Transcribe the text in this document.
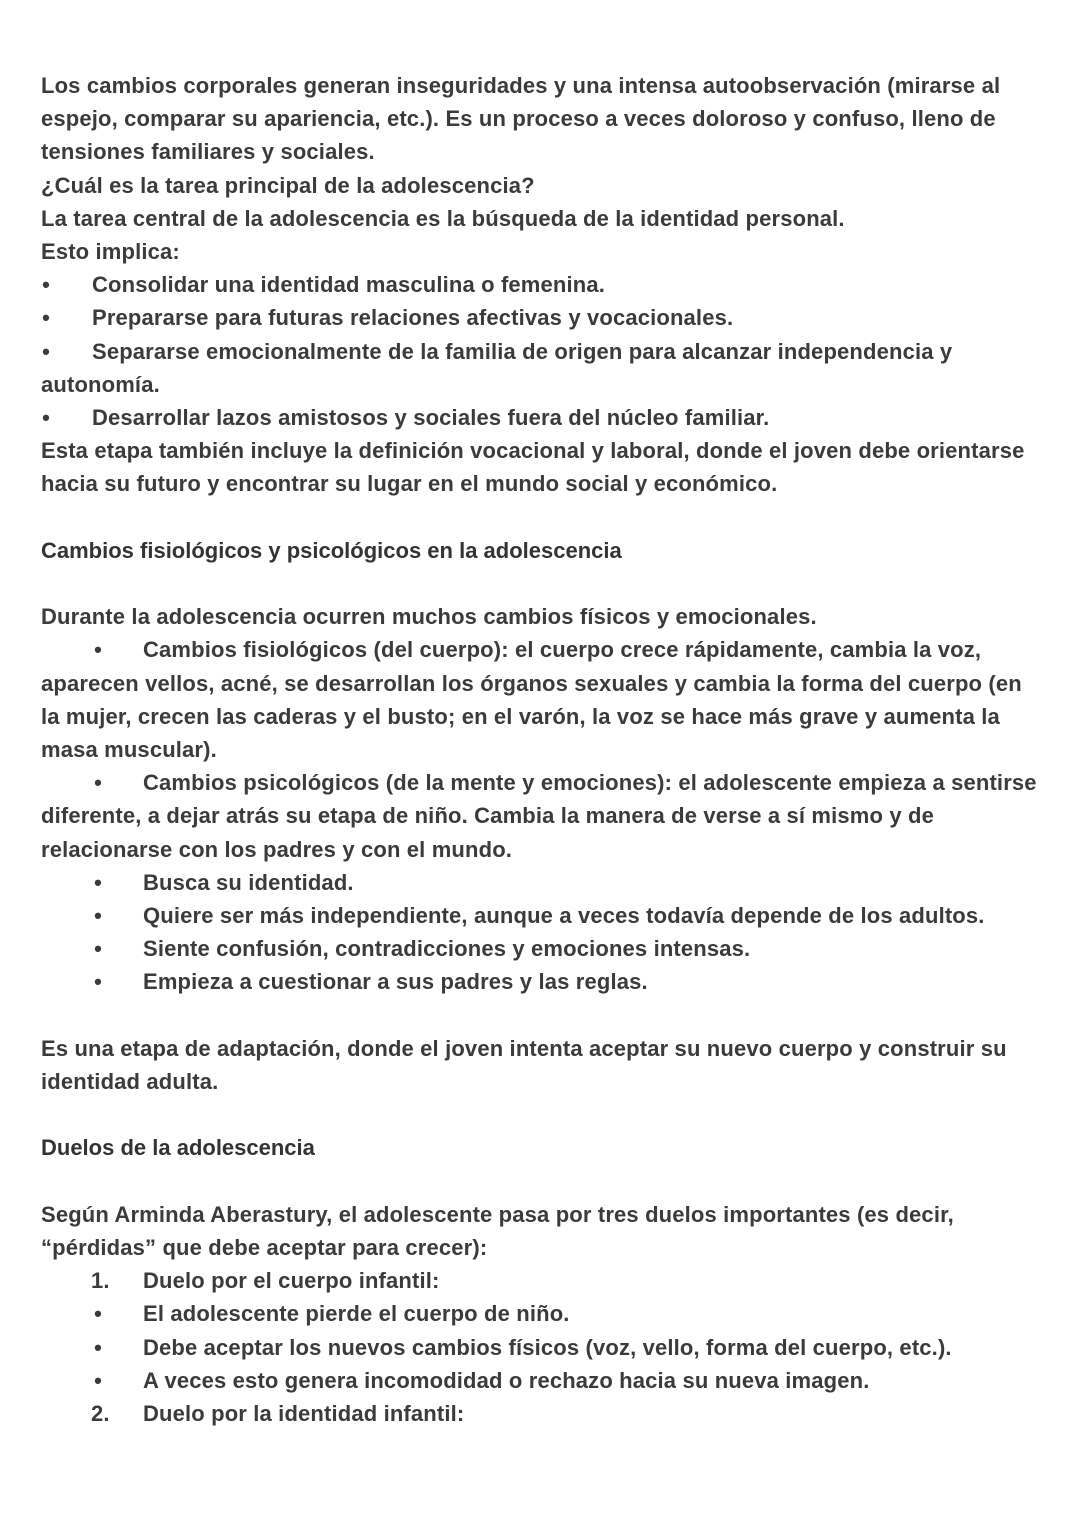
Los cambios corporales generan inseguridades y una intensa autoobservación (mirarse al espejo, comparar su apariencia, etc.). Es un proceso a veces doloroso y confuso, lleno de tensiones familiares y sociales.

¿Cuál es la tarea principal de la adolescencia?

La tarea central de la adolescencia es la búsqueda de la identidad personal.

Esto implica:

• Consolidar una identidad masculina o femenina.

• Prepararse para futuras relaciones afectivas y vocacionales.

• Separarse emocionalmente de la familia de origen para alcanzar independencia y autonomía.

• Desarrollar lazos amistosos y sociales fuera del núcleo familiar.

Esta etapa también incluye la definición vocacional y laboral, donde el joven debe orientarse hacia su futuro y encontrar su lugar en el mundo social y económico.

Cambios fisiológicos y psicológicos en la adolescencia

Durante la adolescencia ocurren muchos cambios físicos y emocionales.

• Cambios fisiológicos (del cuerpo): el cuerpo crece rápidamente, cambia la voz, aparecen vellos, acné, se desarrollan los órganos sexuales y cambia la forma del cuerpo (en la mujer, crecen las caderas y el busto; en el varón, la voz se hace más grave y aumenta la masa muscular).

• Cambios psicológicos (de la mente y emociones): el adolescente empieza a sentirse diferente, a dejar atrás su etapa de niño. Cambia la manera de verse a sí mismo y de relacionarse con los padres y con el mundo.

• Busca su identidad.

• Quiere ser más independiente, aunque a veces todavía depende de los adultos.

• Siente confusión, contradicciones y emociones intensas.

• Empieza a cuestionar a sus padres y las reglas.

Es una etapa de adaptación, donde el joven intenta aceptar su nuevo cuerpo y construir su identidad adulta.

Duelos de la adolescencia

Según Arminda Aberastury, el adolescente pasa por tres duelos importantes (es decir, “pérdidas” que debe aceptar para crecer):

1. Duelo por el cuerpo infantil:

• El adolescente pierde el cuerpo de niño.

• Debe aceptar los nuevos cambios físicos (voz, vello, forma del cuerpo, etc.).

• A veces esto genera incomodidad o rechazo hacia su nueva imagen.

2. Duelo por la identidad infantil:
